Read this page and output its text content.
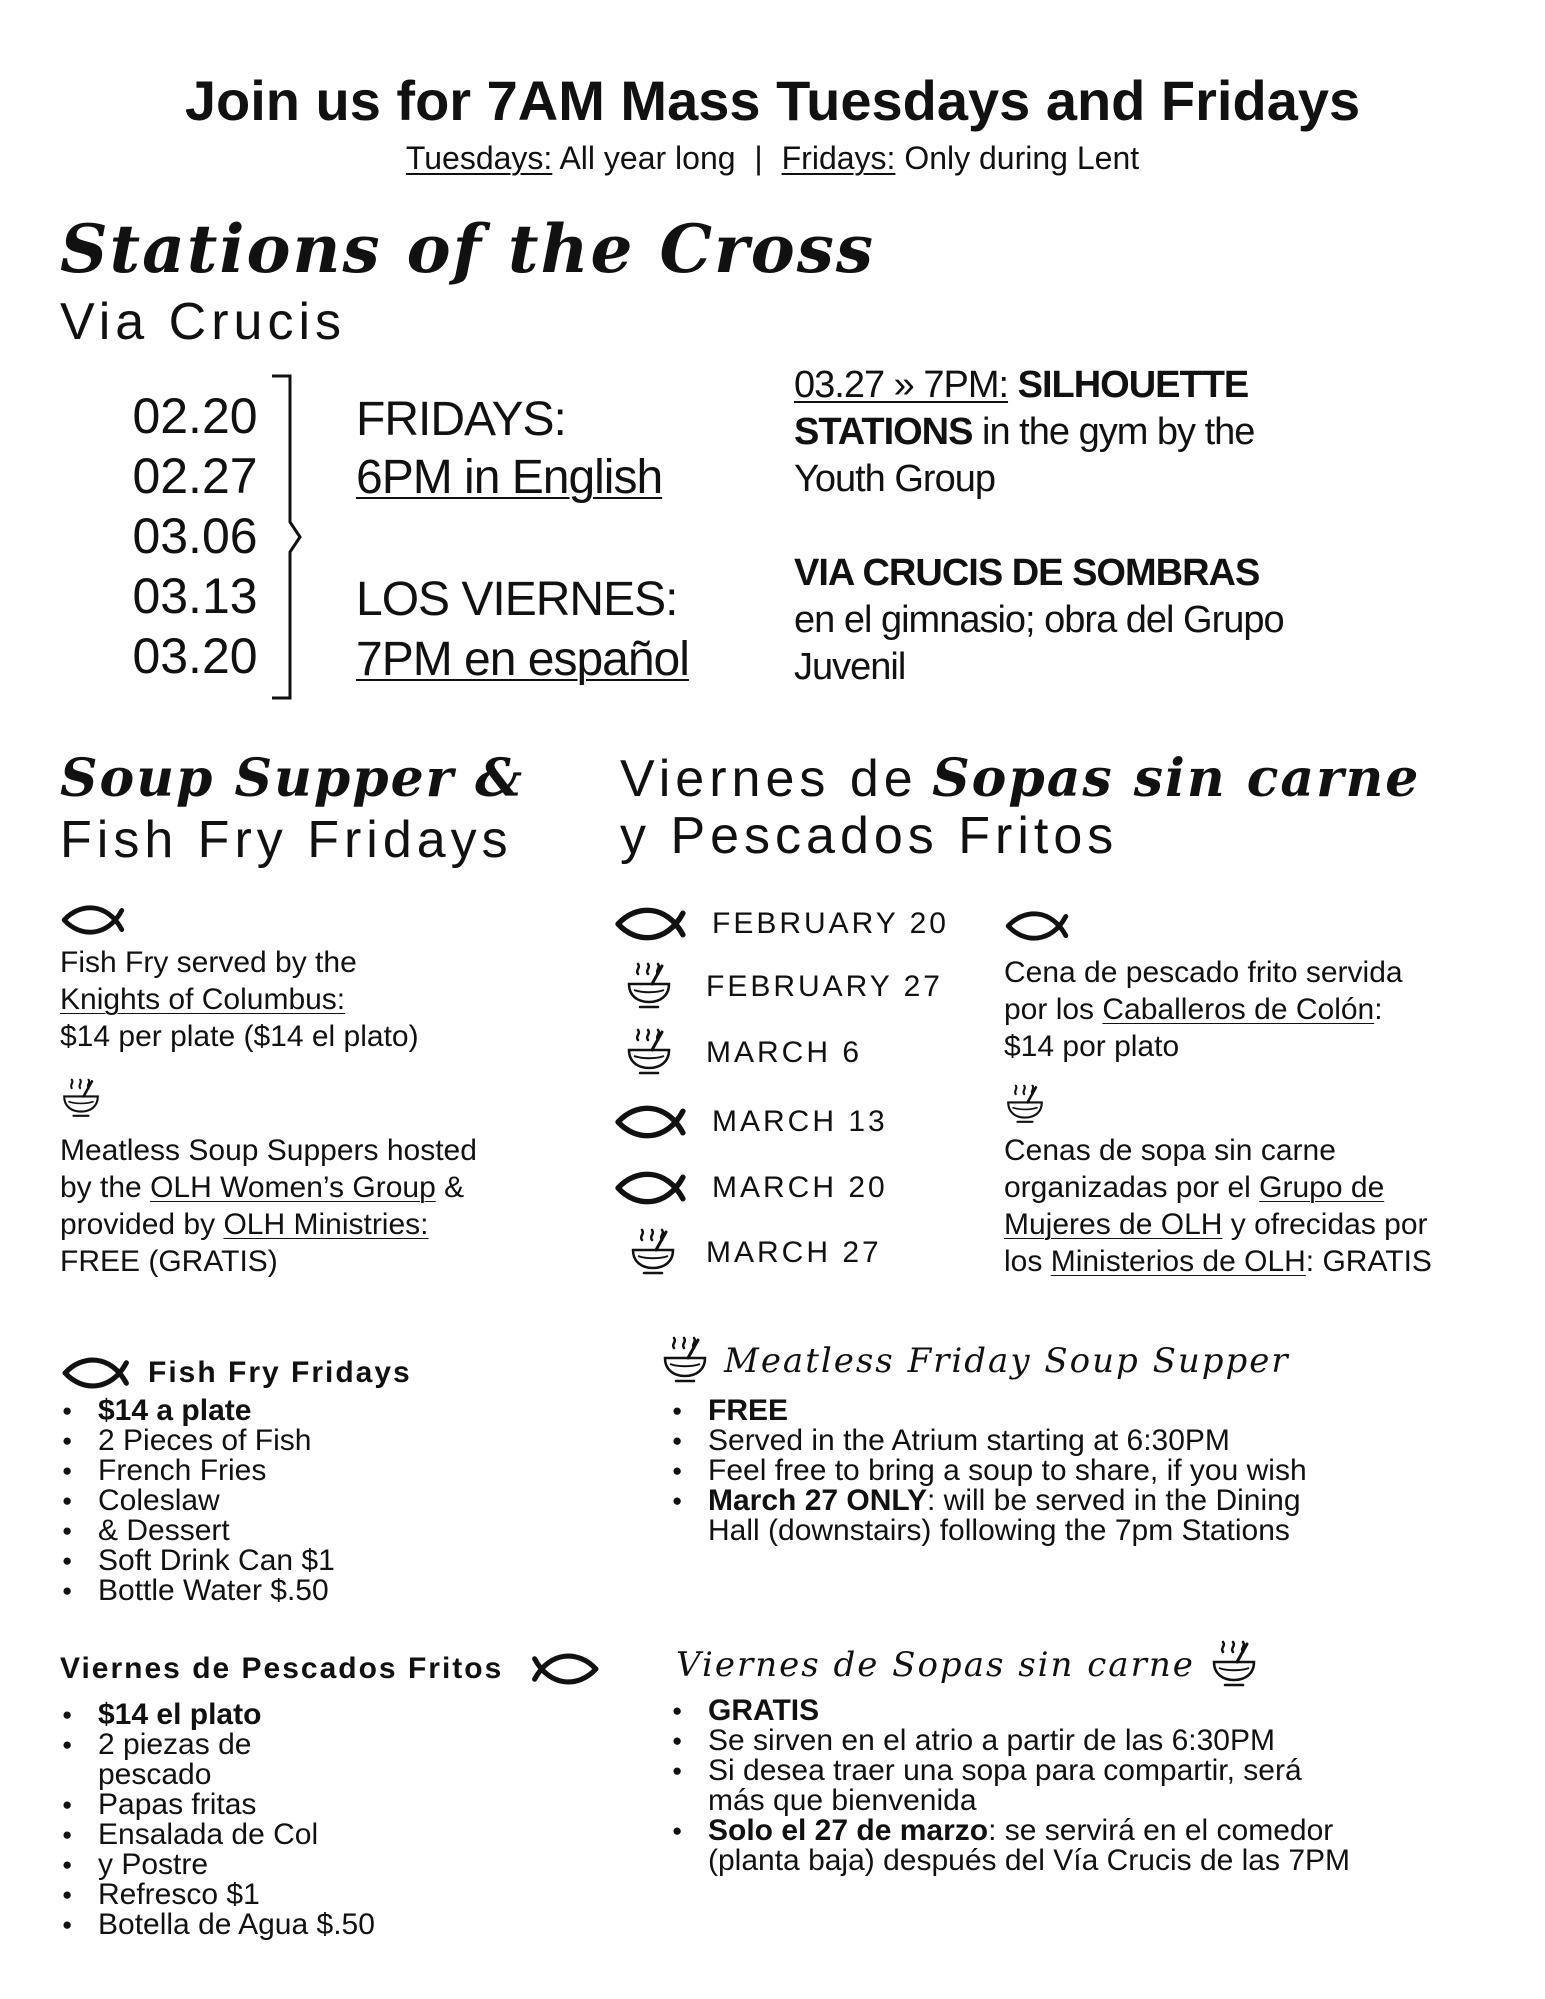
Join us for 7AM Mass Tuesdays and Fridays
Tuesdays: All year long | Fridays: Only during Lent
Stations of the Cross
Via Crucis
02.20
02.27
03.06
03.13
03.20
FRIDAYS:
6PM in English
LOS VIERNES:
7PM en español
03.27 » 7PM: SILHOUETTE STATIONS in the gym by the Youth Group
VIA CRUCIS DE SOMBRAS
en el gimnasio; obra del Grupo Juvenil
Soup Supper &
Fish Fry Fridays
Viernes de Sopas sin carne
y Pescados Fritos
Fish Fry served by the
Knights of Columbus:
$14 per plate ($14 el plato)
Meatless Soup Suppers hosted
by the OLH Women’s Group &
provided by OLH Ministries:
FREE (GRATIS)
FEBRUARY 20
FEBRUARY 27
MARCH 6
MARCH 13
MARCH 20
MARCH 27
Cena de pescado frito servida
por los Caballeros de Colón:
$14 por plato
Cenas de sopa sin carne
organizadas por el Grupo de
Mujeres de OLH y ofrecidas por
los Ministerios de OLH: GRATIS
Fish Fry Fridays
● $14 a plate
● 2 Pieces of Fish
● French Fries
● Coleslaw
● & Dessert
● Soft Drink Can $1
● Bottle Water $.50
Meatless Friday Soup Supper
● FREE
● Served in the Atrium starting at 6:30PM
● Feel free to bring a soup to share, if you wish
● March 27 ONLY: will be served in the Dining
Hall (downstairs) following the 7pm Stations
Viernes de Pescados Fritos
● $14 el plato
● 2 piezas de
pescado
● Papas fritas
● Ensalada de Col
● y Postre
● Refresco $1
● Botella de Agua $.50
Viernes de Sopas sin carne
● GRATIS
● Se sirven en el atrio a partir de las 6:30PM
● Si desea traer una sopa para compartir, será
más que bienvenida
● Solo el 27 de marzo: se servirá en el comedor
(planta baja) después del Vía Crucis de las 7PM
